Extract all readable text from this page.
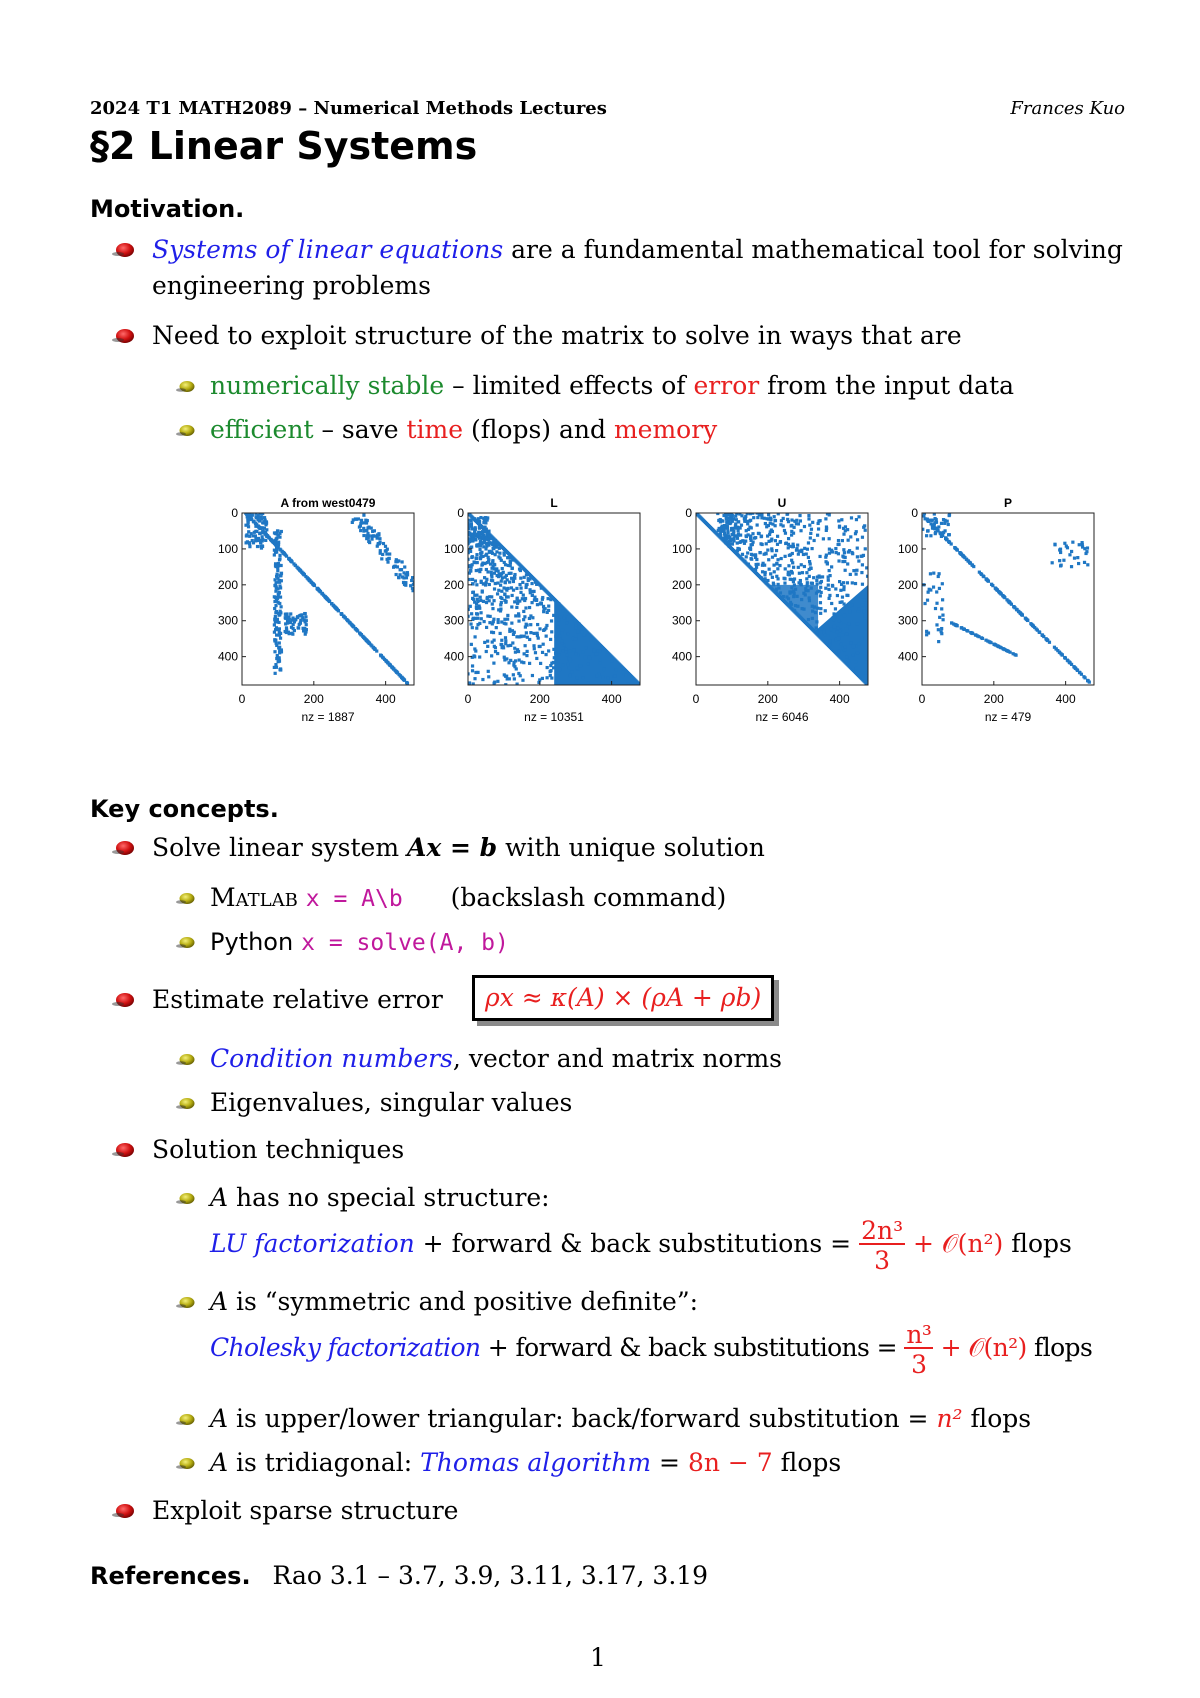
2024 T1 MATH2089 – Numerical Methods Lectures	Frances Kuo
§2 Linear Systems
Motivation.
Systems of linear equations are a fundamental mathematical tool for solving
engineering problems
Need to exploit structure of the matrix to solve in ways that are
numerically stable – limited effects of error from the input data
efficient – save time (flops) and memory
A from west0479
0
100
200
300
400
0	200	400
nz = 1887
L
0
100
200
300
400
0	200	400
nz = 10351
U
0
100
200
300
400
0	200	400
nz = 6046
P
0
100
200
300
400
0	200	400
nz = 479
Key concepts.
Solve linear system Ax = b with unique solution
Matlab x = A\b (backslash command)
Python x = solve(A, b)
Estimate relative error	ρx ≈ κ(A) × (ρA + ρb)
Condition numbers, vector and matrix norms
Eigenvalues, singular values
Solution techniques
A has no special structure:
LU factorization + forward & back substitutions = $\frac{\text{2n³}}{3}$ + 𝒪(n²) flops
A is “symmetric and positive definite”:
Cholesky factorization + forward & back substitutions = $\frac{\text{n³}}{3}$ + 𝒪(n²) flops
A is upper/lower triangular: back/forward substitution = n² flops
A is tridiagonal: Thomas algorithm = 8n − 7 flops
Exploit sparse structure
References. Rao 3.1 – 3.7, 3.9, 3.11, 3.17, 3.19
1
